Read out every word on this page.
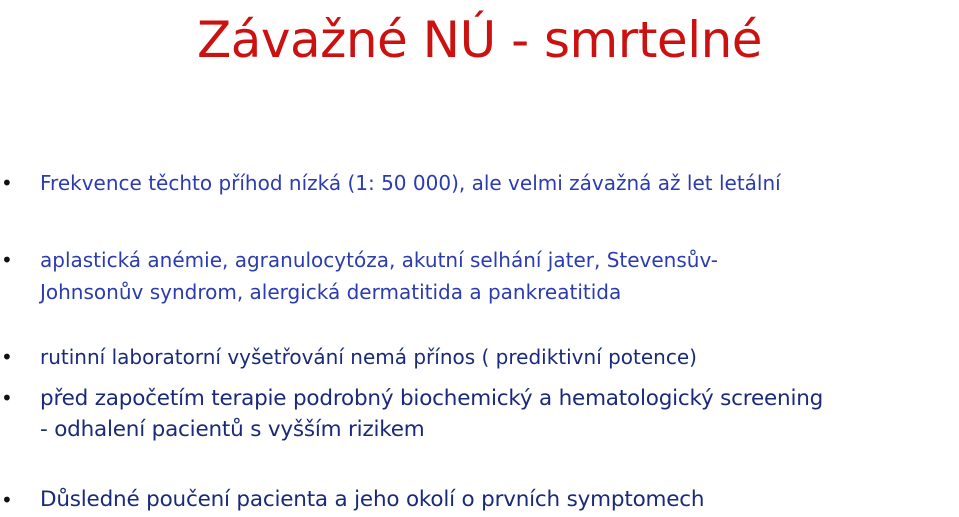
Závažné NÚ - smrtelné
• Frekvence těchto příhod nízká (1: 50 000), ale velmi závažná až let letální
• aplastická anémie, agranulocytóza, akutní selhání jater, Stevensův-
Johnsonův syndrom, alergická dermatitida a pankreatitida
• rutinní laboratorní vyšetřování nemá přínos ( prediktivní potence)
• před započetím terapie podrobný biochemický a hematologický screening
- odhalení pacientů s vyšším rizikem
• Důsledné poučení pacienta a jeho okolí o prvních symptomech
